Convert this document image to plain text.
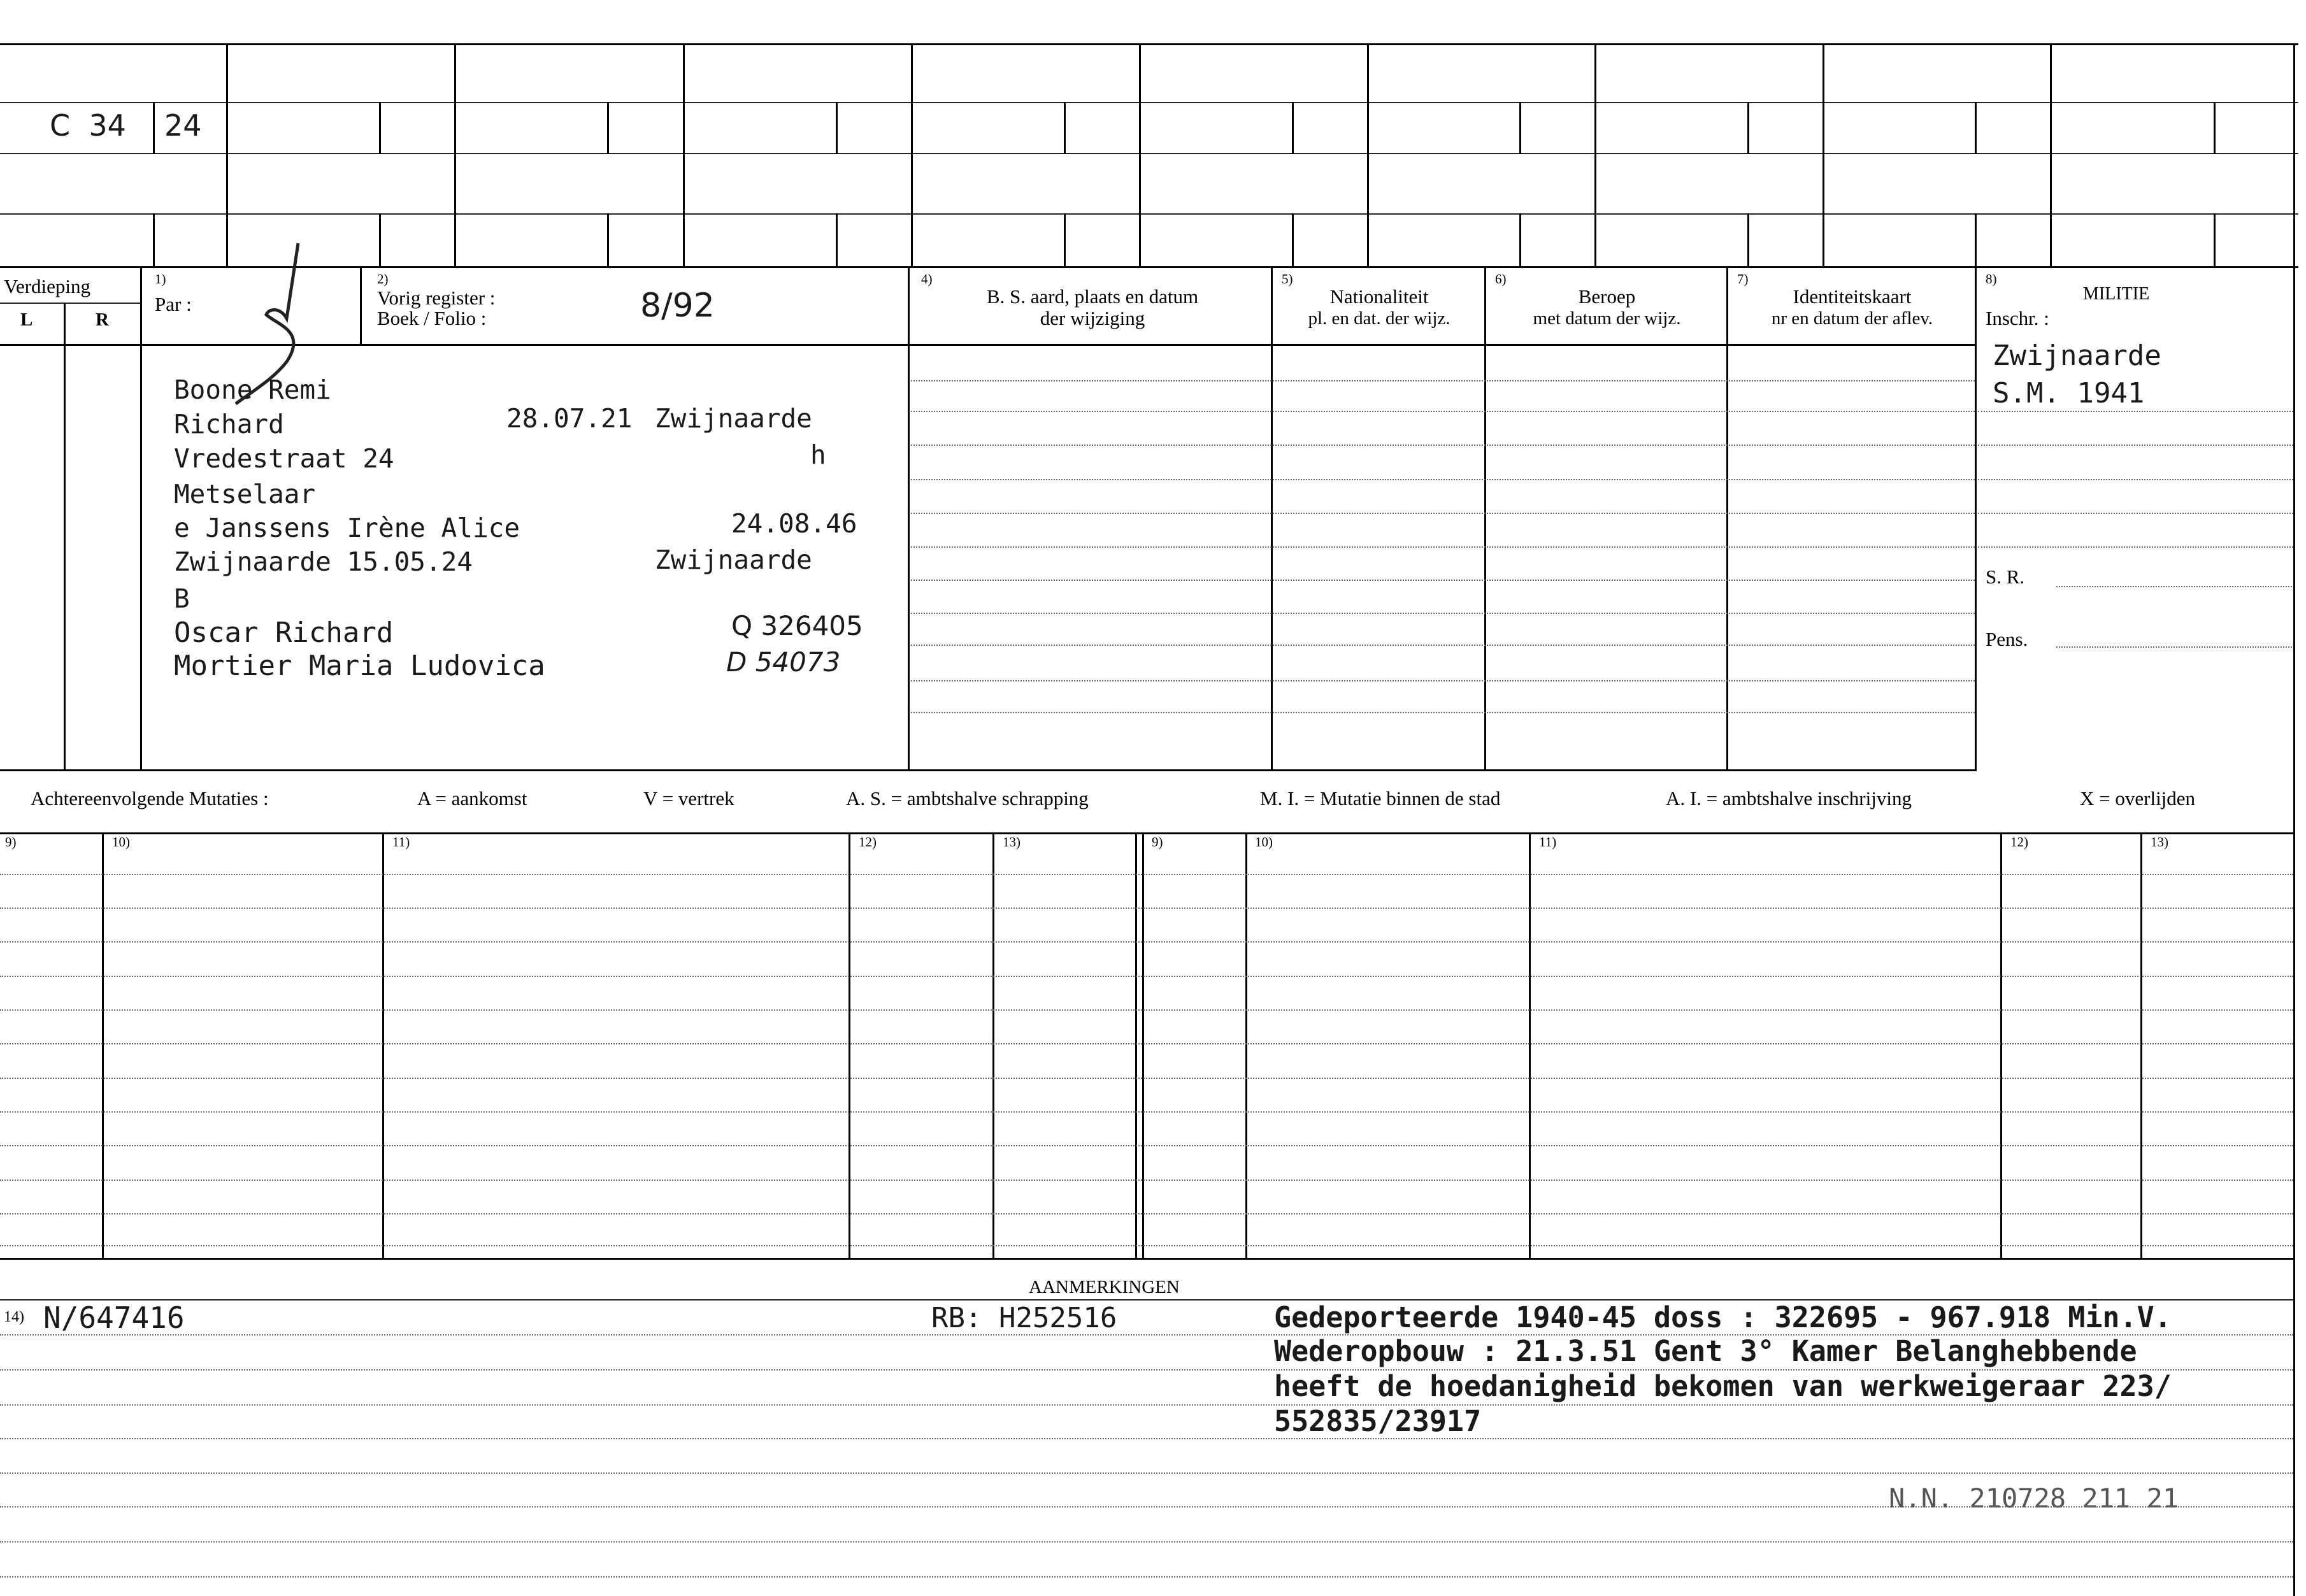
C 34 24
Verdieping
L	R
1)
Par :
2)
Vorig register :
Boek / Folio :	8/92
4)
B. S. aard, plaats en datum
der wijziging
5)
Nationaliteit
pl. en dat. der wijz.
6)
Beroep
met datum der wijz.
7)
Identiteitskaart
nr en datum der aflev.
8)
MILITIE
Inschr. :
Boone Remi
Richard	28.07.21 Zwijnaarde
Vredestraat 24	h
Metselaar
e Janssens Irène Alice	24.08.46
Zwijnaarde 15.05.24	Zwijnaarde
B
Oscar Richard	Q 326405
Mortier Maria Ludovica	D 54073
Zwijnaarde
S.M. 1941
S. R.
Pens.
Achtereenvolgende Mutaties :	A = aankomst	V = vertrek	A. S. = ambtshalve schrapping	M. I. = Mutatie binnen de stad	A. I. = ambtshalve inschrijving	X = overlijden
9)	10)	11)	12)	13)	9)	10)	11)	12)	13)
AANMERKINGEN
14) N/647416	RB: H252516	Gedeporteerde 1940-45 doss : 322695 - 967.918 Min.V.
Wederopbouw : 21.3.51 Gent 3° Kamer Belanghebbende
heeft de hoedanigheid bekomen van werkweigeraar 223/
552835/23917
N.N. 210728 211 21
